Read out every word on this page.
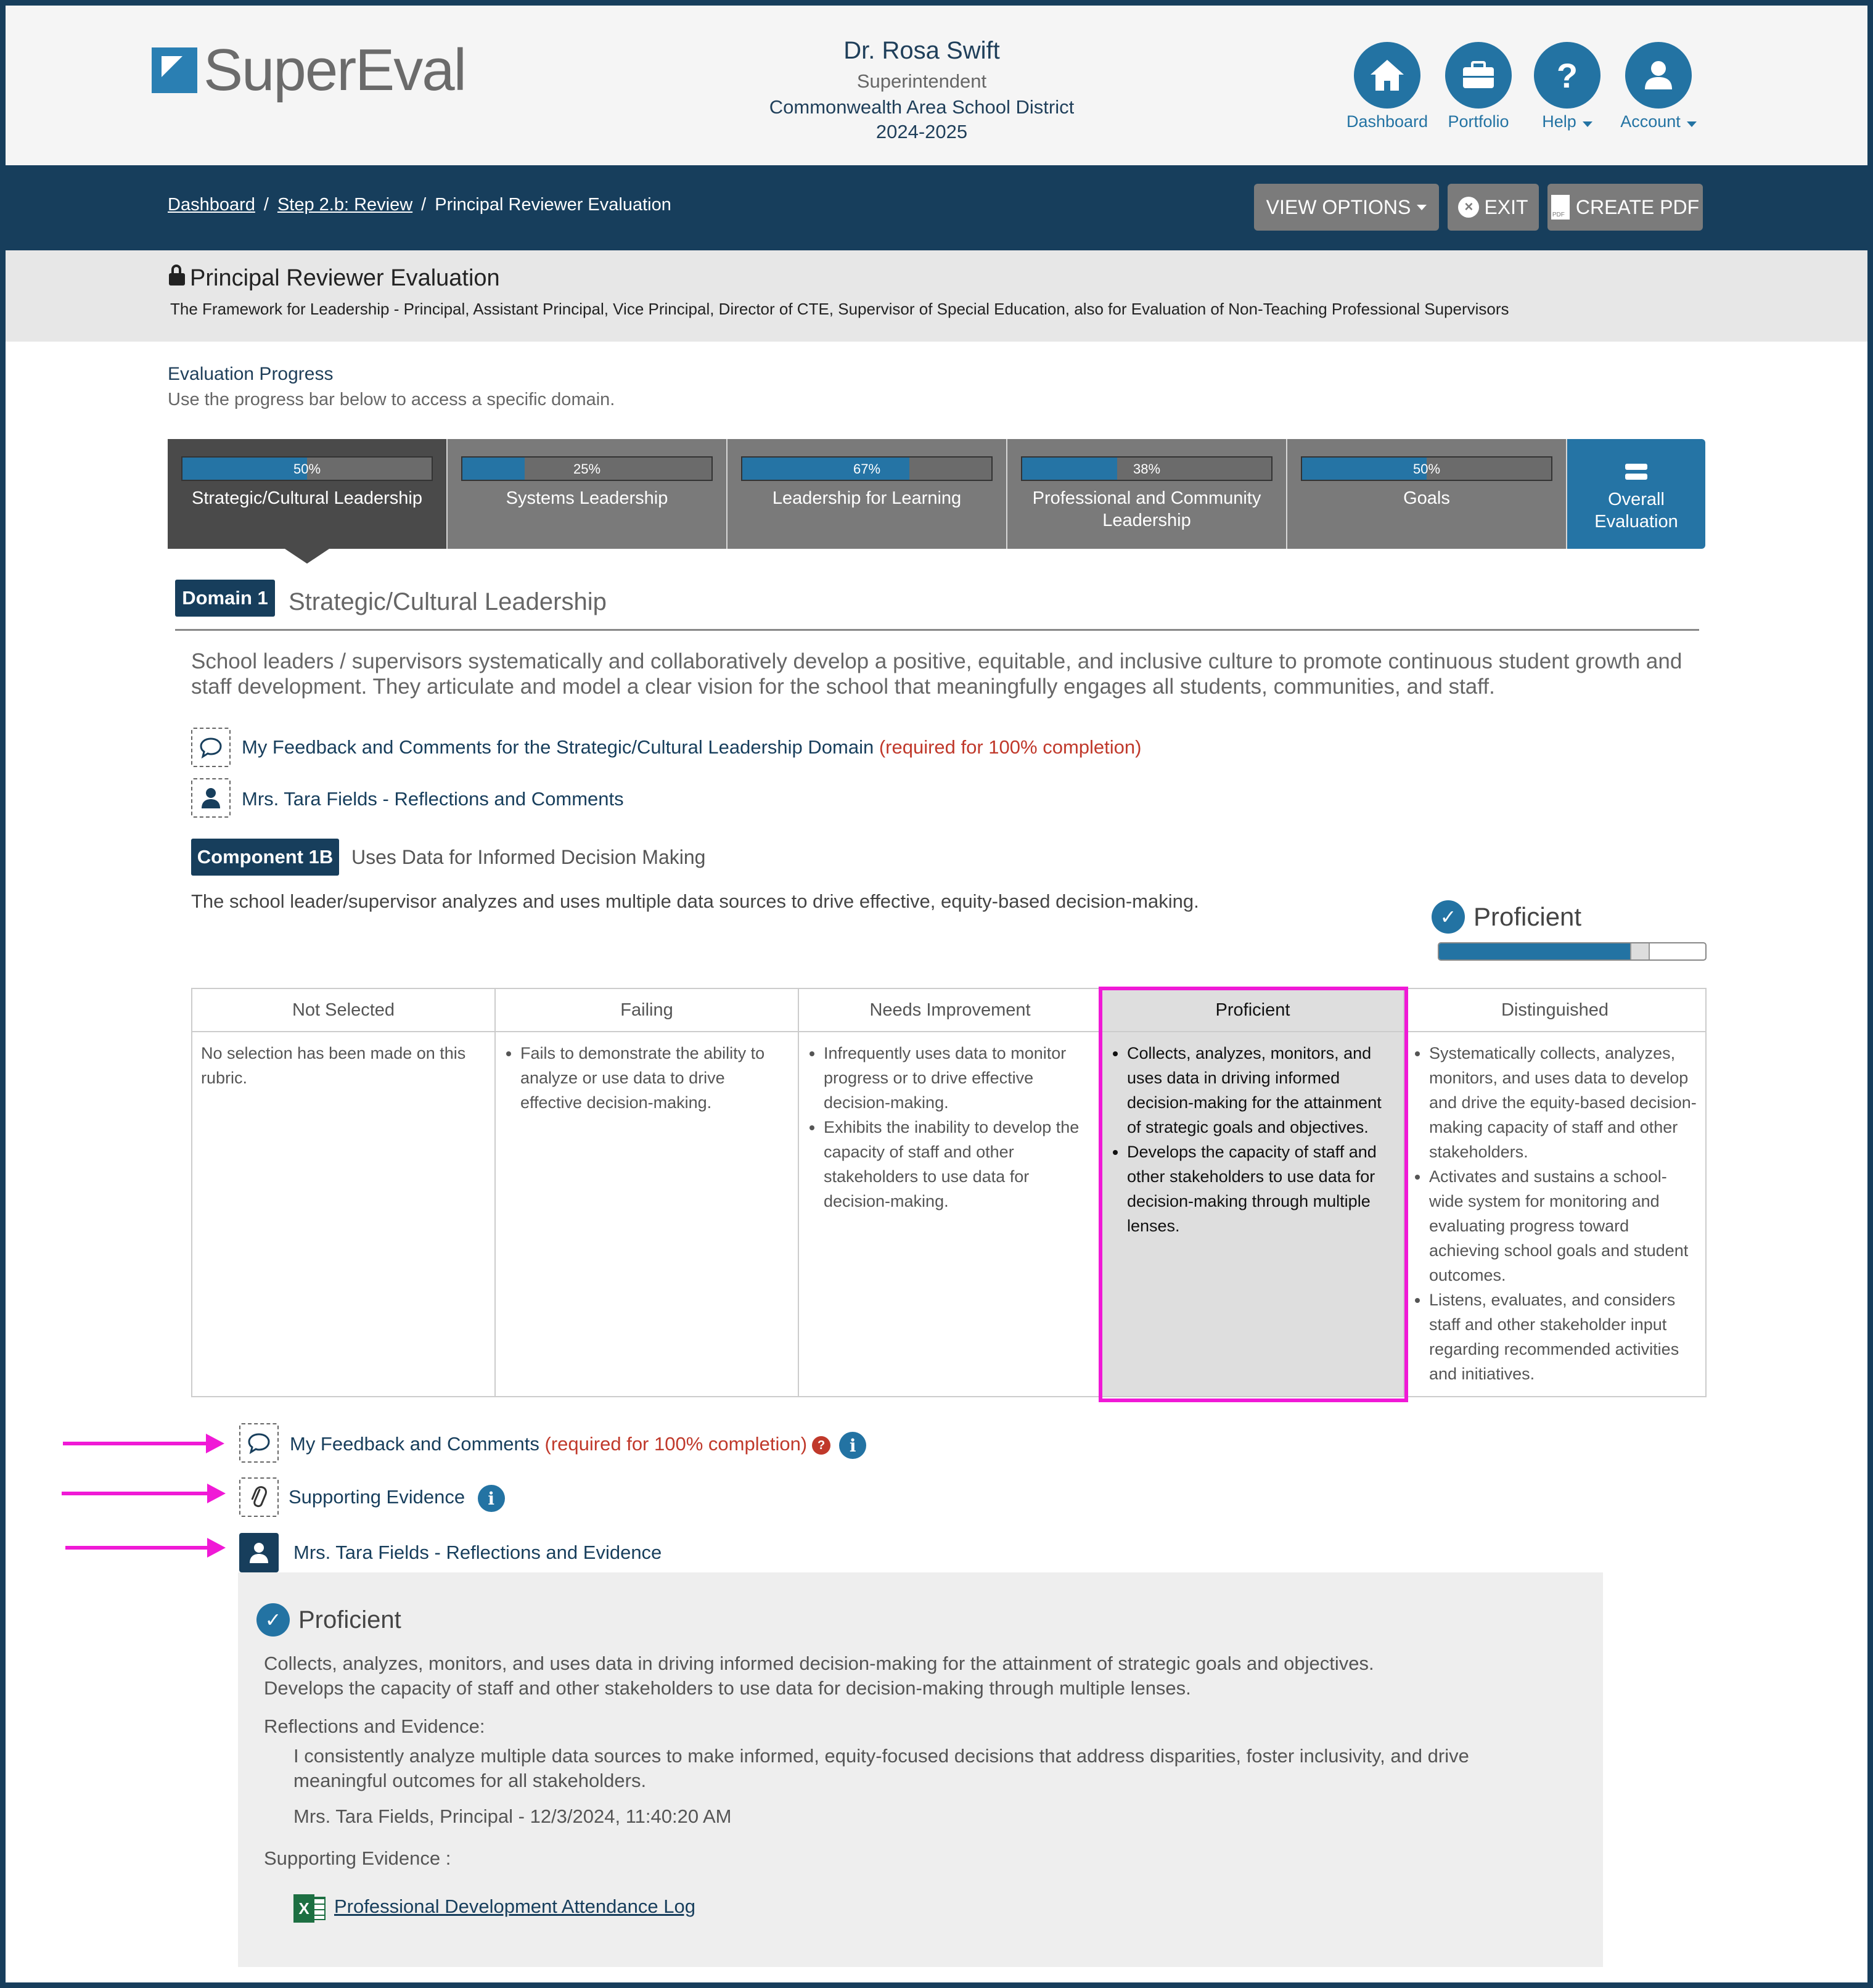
SuperEval	Dr. Rosa Swift
Superintendent
Commonwealth Area School District
2024-2025	Dashboard	Portfolio
?
Help	Account
Dashboard / Step 2.b: Review / Principal Reviewer Evaluation	VIEW OPTIONS	× EXIT
PDF CREATE PDF
Principal Reviewer Evaluation
The Framework for Leadership - Principal, Assistant Principal, Vice Principal, Director of CTE, Supervisor of Special Education, also for Evaluation of Non-Teaching Professional Supervisors
Evaluation Progress
Use the progress bar below to access a specific domain.
50%
Strategic/Cultural Leadership
25%
Systems Leadership
67%
Leadership for Learning
38%
Professional and Community Leadership
50%
Goals	Overall Evaluation
Domain 1 Strategic/Cultural Leadership
School leaders / supervisors systematically and collaboratively develop a positive, equitable, and inclusive culture to promote continuous student growth and staff development. They articulate and model a clear vision for the school that meaningfully engages all students, communities, and staff.
My Feedback and Comments for the Strategic/Cultural Leadership Domain (required for 100% completion)
Mrs. Tara Fields - Reflections and Comments
Component 1B Uses Data for Informed Decision Making
The school leader/supervisor analyzes and uses multiple data sources to drive effective, equity-based decision-making.
✓ Proficient
Not Selected
No selection has been made on this rubric.
Failing
• Fails to demonstrate the ability to analyze or use data to drive effective decision-making.
Needs Improvement
• Infrequently uses data to monitor progress or to drive effective decision-making.
• Exhibits the inability to develop the capacity of staff and other stakeholders to use data for decision-making.
Proficient
• Collects, analyzes, monitors, and uses data in driving informed decision-making for the attainment of strategic goals and objectives.
• Develops the capacity of staff and other stakeholders to use data for decision-making through multiple lenses.
Distinguished
• Systematically collects, analyzes, monitors, and uses data to develop and drive the equity-based decision-making capacity of staff and other stakeholders.
• Activates and sustains a school-wide system for monitoring and evaluating progress toward achieving school goals and student outcomes.
• Listens, evaluates, and considers staff and other stakeholder input regarding recommended activities and initiatives.
My Feedback and Comments (required for 100% completion) ? i
Supporting Evidence i
Mrs. Tara Fields - Reflections and Evidence
✓ Proficient
Collects, analyzes, monitors, and uses data in driving informed decision-making for the attainment of strategic goals and objectives.
Develops the capacity of staff and other stakeholders to use data for decision-making through multiple lenses.
Reflections and Evidence:
I consistently analyze multiple data sources to make informed, equity-focused decisions that address disparities, foster inclusivity, and drive meaningful outcomes for all stakeholders.
Mrs. Tara Fields, Principal - 12/3/2024, 11:40:20 AM
Supporting Evidence :
X Professional Development Attendance Log
